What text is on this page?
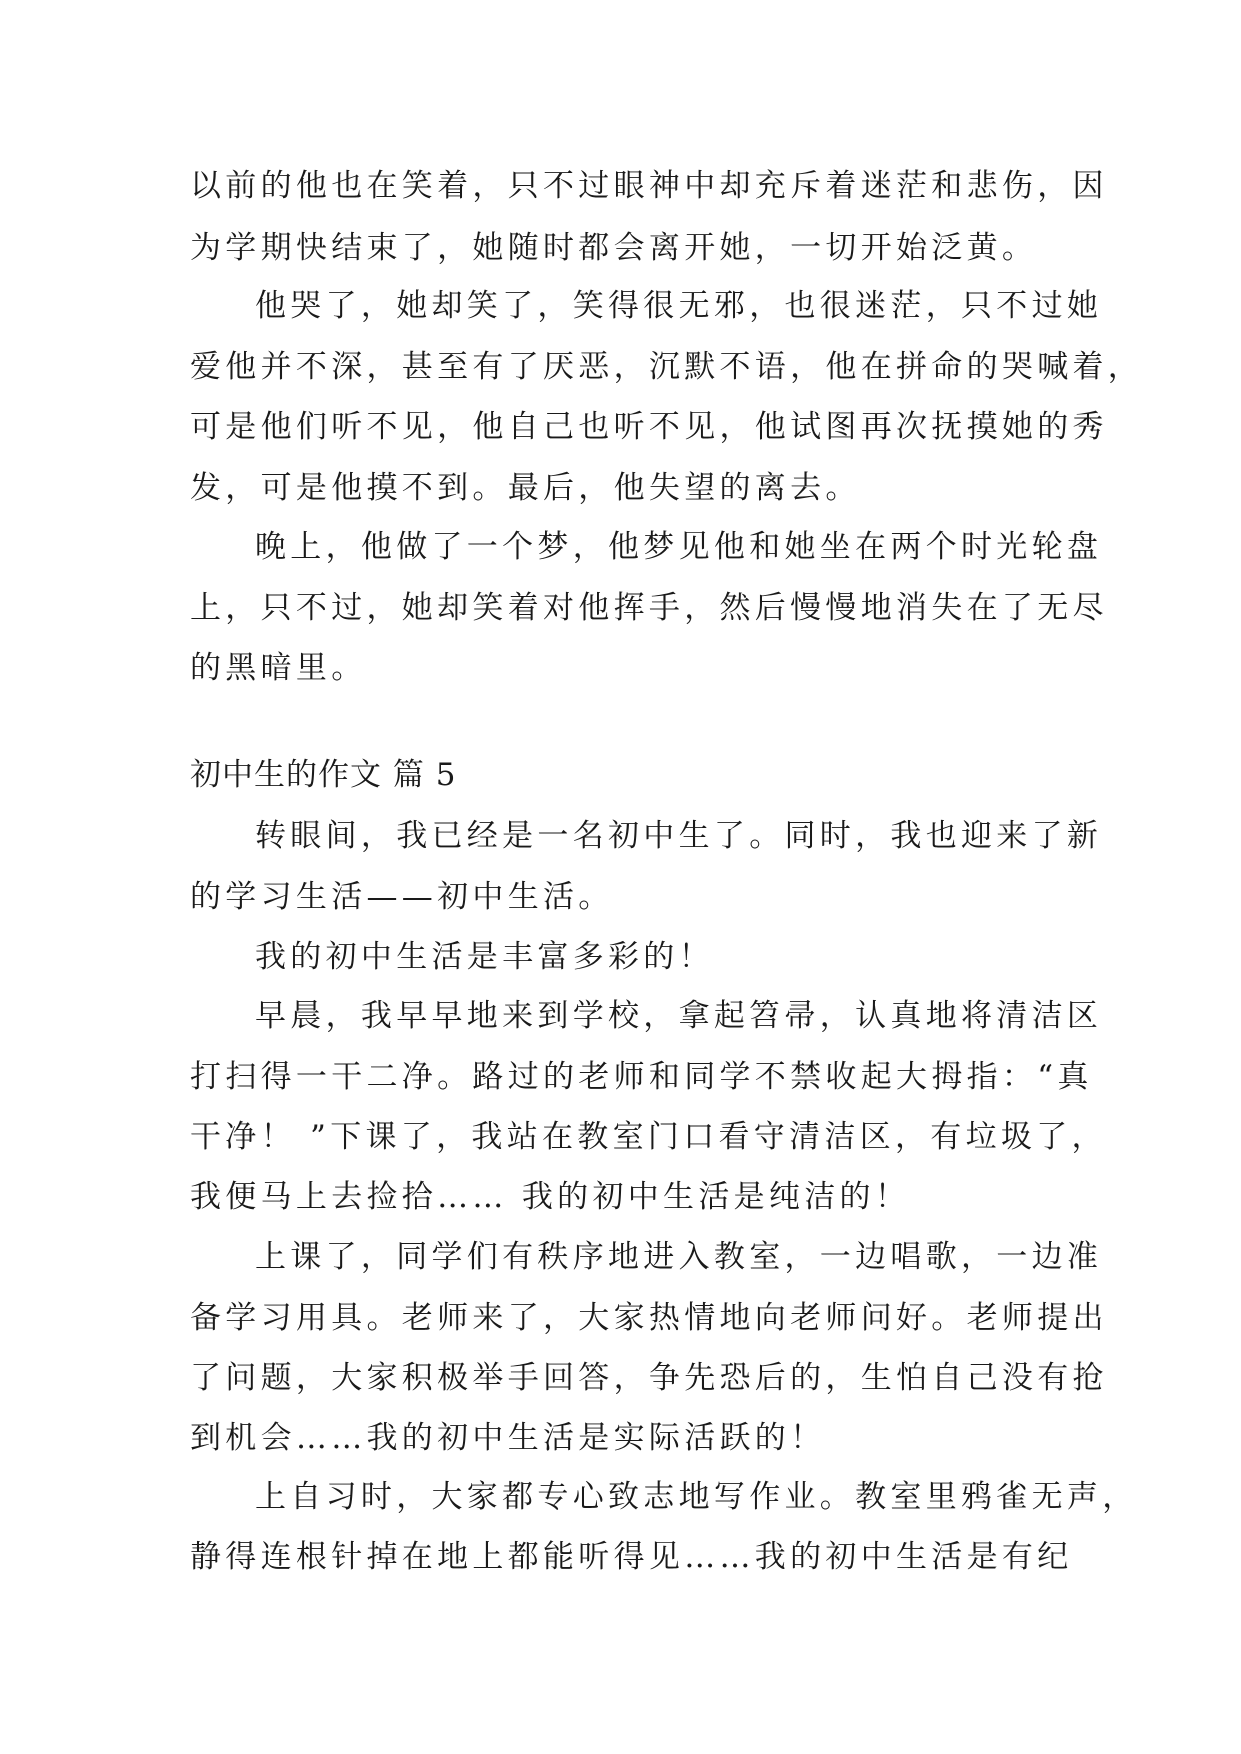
以前的他也在笑着，只不过眼神中却充斥着迷茫和悲伤，因
为学期快结束了，她随时都会离开她，一切开始泛黄。
他哭了，她却笑了，笑得很无邪，也很迷茫，只不过她
爱他并不深，甚至有了厌恶，沉默不语，他在拼命的哭喊着，
可是他们听不见，他自己也听不见，他试图再次抚摸她的秀
发，可是他摸不到。最后，他失望的离去。
晚上，他做了一个梦，他梦见他和她坐在两个时光轮盘
上，只不过，她却笑着对他挥手，然后慢慢地消失在了无尽
的黑暗里。
初中生的作文 篇 5
转眼间，我已经是一名初中生了。同时，我也迎来了新
的学习生活——初中生活。
我的初中生活是丰富多彩的！
早晨，我早早地来到学校，拿起笤帚，认真地将清洁区
打扫得一干二净。路过的老师和同学不禁收起大拇指：“真
干净！ ”下课了，我站在教室门口看守清洁区，有垃圾了，
我便马上去捡拾…… 我的初中生活是纯洁的！
上课了，同学们有秩序地进入教室，一边唱歌，一边准
备学习用具。老师来了，大家热情地向老师问好。老师提出
了问题，大家积极举手回答，争先恐后的，生怕自己没有抢
到机会……我的初中生活是实际活跃的！
上自习时，大家都专心致志地写作业。教室里鸦雀无声，
静得连根针掉在地上都能听得见……我的初中生活是有纪
